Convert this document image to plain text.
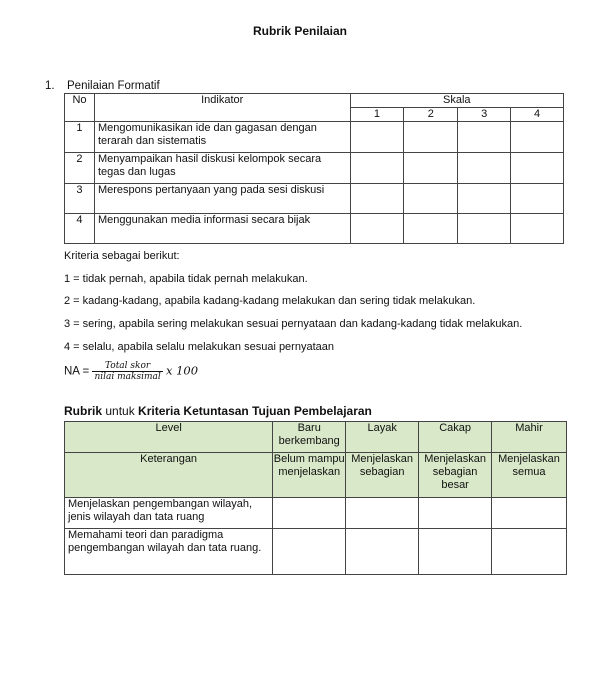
Rubrik Penilaian
1. Penilaian Formatif
No	Indikator	Skala			
		1	2	3	4
1	Mengomunikasikan ide dan gagasan dengan terarah dan sistematis				
2	Menyampaikan hasil diskusi kelompok secara tegas dan lugas				
3	Merespons pertanyaan yang pada sesi diskusi				
4	Menggunakan media informasi secara bijak				
Kriteria sebagai berikut:
1 = tidak pernah, apabila tidak pernah melakukan.
2 = kadang-kadang, apabila kadang-kadang melakukan dan sering tidak melakukan.
3 = sering, apabila sering melakukan sesuai pernyataan dan kadang-kadang tidak melakukan.
4 = selalu, apabila selalu melakukan sesuai pernyataan
NA = $\frac{\text{Total skor}}{\text{nilai maksimal}}$ x 100
Rubrik untuk Kriteria Ketuntasan Tujuan Pembelajaran
Level	Baru berkembang	Layak	Cakap	Mahir
Keterangan	Belum mampu menjelaskan	Menjelaskan sebagian	Menjelaskan sebagian besar	Menjelaskan semua
Menjelaskan pengembangan wilayah, jenis wilayah dan tata ruang				
Memahami teori dan paradigma pengembangan wilayah dan tata ruang.				
